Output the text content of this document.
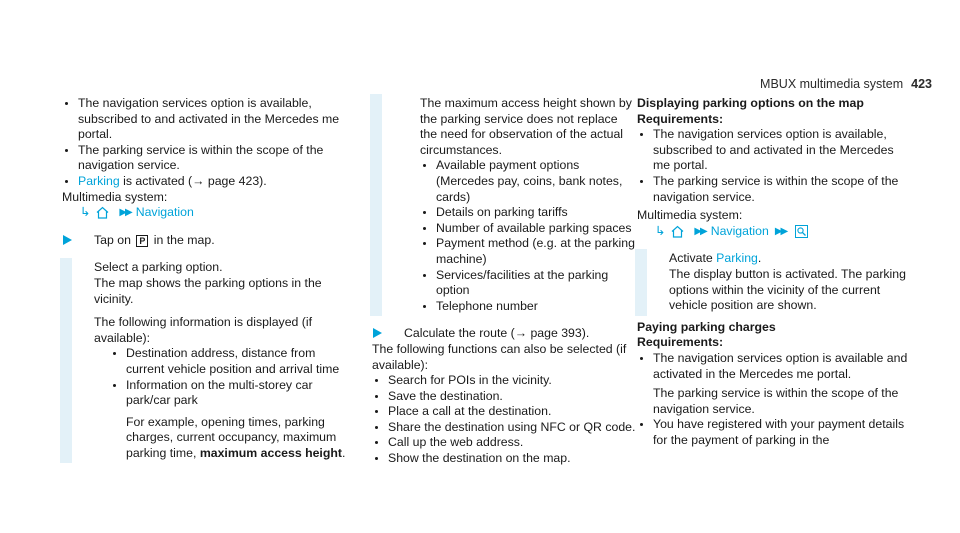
MBUX multimedia system 423

The navigation services option is available, subscribed to and activated in the Mercedes me portal.

The parking service is within the scope of the navigation service.

Parking is activated (→ page 423).

Multimedia system:

↳	▶▶ Navigation
Tap on P in the map.

Select a parking option.

The map shows the parking options in the vicinity.

The following information is displayed (if available):

Destination address, distance from current vehicle position and arrival time

Information on the multi-storey car park/car park

For example, opening times, parking charges, current occupancy, maximum parking time, maximum access height.

The maximum access height shown by the parking service does not replace the need for observation of the actual circumstances.

Available payment options (Mercedes pay, coins, bank notes, cards)

Details on parking tariffs

Number of available parking spaces

Payment method (e.g. at the parking machine)

Services/facilities at the parking option

Telephone number

Calculate the route (→ page 393).

The following functions can also be selected (if available):

Search for POIs in the vicinity.

Save the destination.

Place a call at the destination.

Share the destination using NFC or QR code.

Call up the web address.

Show the destination on the map.

Displaying parking options on the map

Requirements:

The navigation services option is available, subscribed to and activated in the Mercedes me portal.

The parking service is within the scope of the navigation service.

Multimedia system:

↳	▶▶ Navigation ▶▶

Activate Parking.

The display button is activated. The parking options within the vicinity of the current vehicle position are shown.

Paying parking charges

Requirements:

The navigation services option is available and activated in the Mercedes me portal.

The parking service is within the scope of the navigation service.

You have registered with your payment details for the payment of parking in the
